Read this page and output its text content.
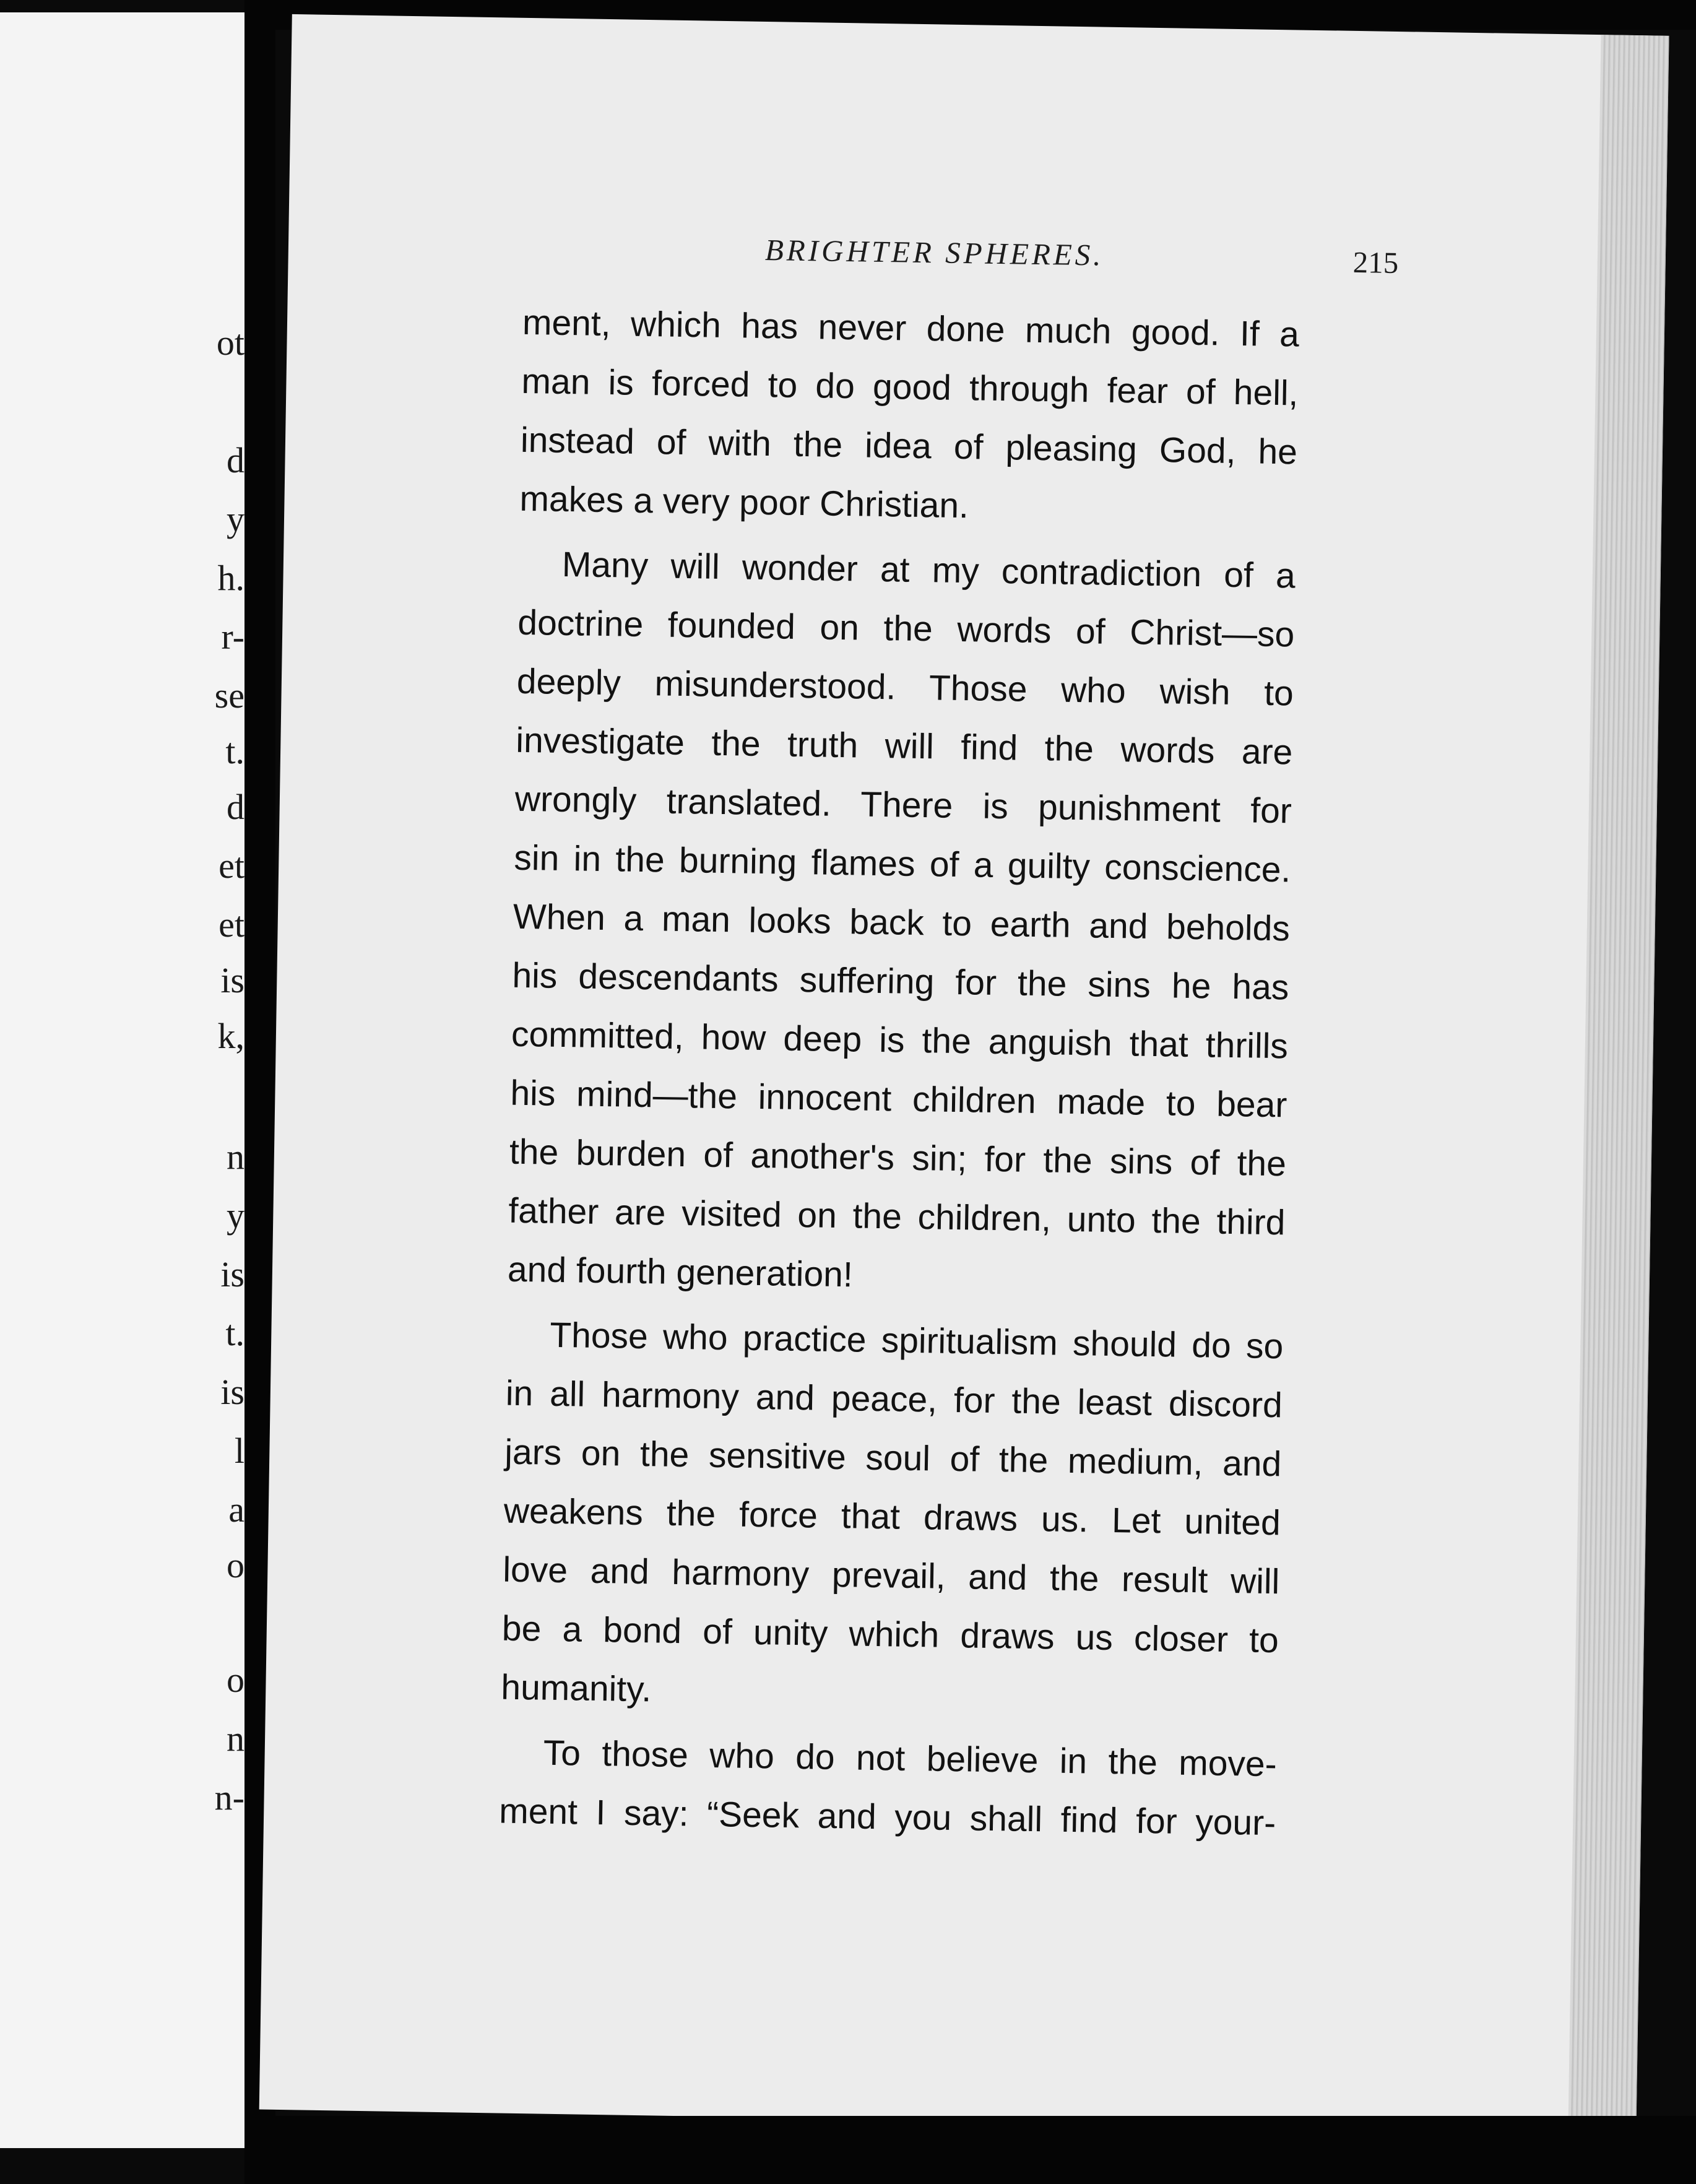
ot
d
y
h.
r-
se
t.
d
et
et
is
k,
n
y
is
t.
is
l
a
o
o
n
n-
BRIGHTER SPHERES.	215

ment, which has never done much good. If a
man is forced to do good through fear of hell,
instead of with the idea of pleasing God, he
makes a very poor Christian.

Many will wonder at my contradiction of a
doctrine founded on the words of Christ—so
deeply misunderstood. Those who wish to
investigate the truth will find the words are
wrongly translated. There is punishment for
sin in the burning flames of a guilty conscience.
When a man looks back to earth and beholds
his descendants suffering for the sins he has
committed, how deep is the anguish that thrills
his mind—the innocent children made to bear
the burden of another's sin; for the sins of the
father are visited on the children, unto the third
and fourth generation!

Those who practice spiritualism should do so
in all harmony and peace, for the least discord
jars on the sensitive soul of the medium, and
weakens the force that draws us. Let united
love and harmony prevail, and the result will
be a bond of unity which draws us closer to
humanity.

To those who do not believe in the move-
ment I say: “Seek and you shall find for your-
